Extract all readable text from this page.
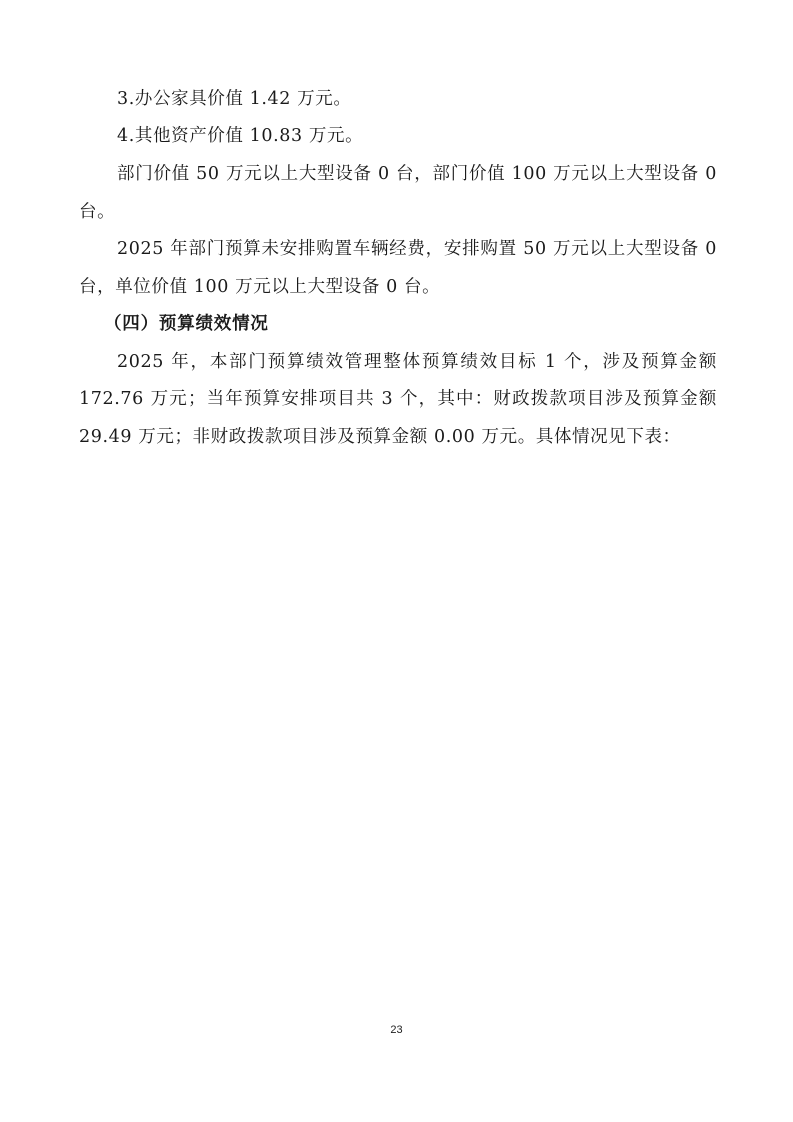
3.办公家具价值 1.42 万元。
4.其他资产价值 10.83 万元。
部门价值 50 万元以上大型设备 0 台，部门价值 100 万元以上大型设备 0
台。
2025 年部门预算未安排购置车辆经费，安排购置 50 万元以上大型设备 0
台，单位价值 100 万元以上大型设备 0 台。
（四）预算绩效情况
2025 年，本部门预算绩效管理整体预算绩效目标 1 个，涉及预算金额
172.76 万元；当年预算安排项目共 3 个，其中：财政拨款项目涉及预算金额
29.49 万元；非财政拨款项目涉及预算金额 0.00 万元。具体情况见下表：
23
